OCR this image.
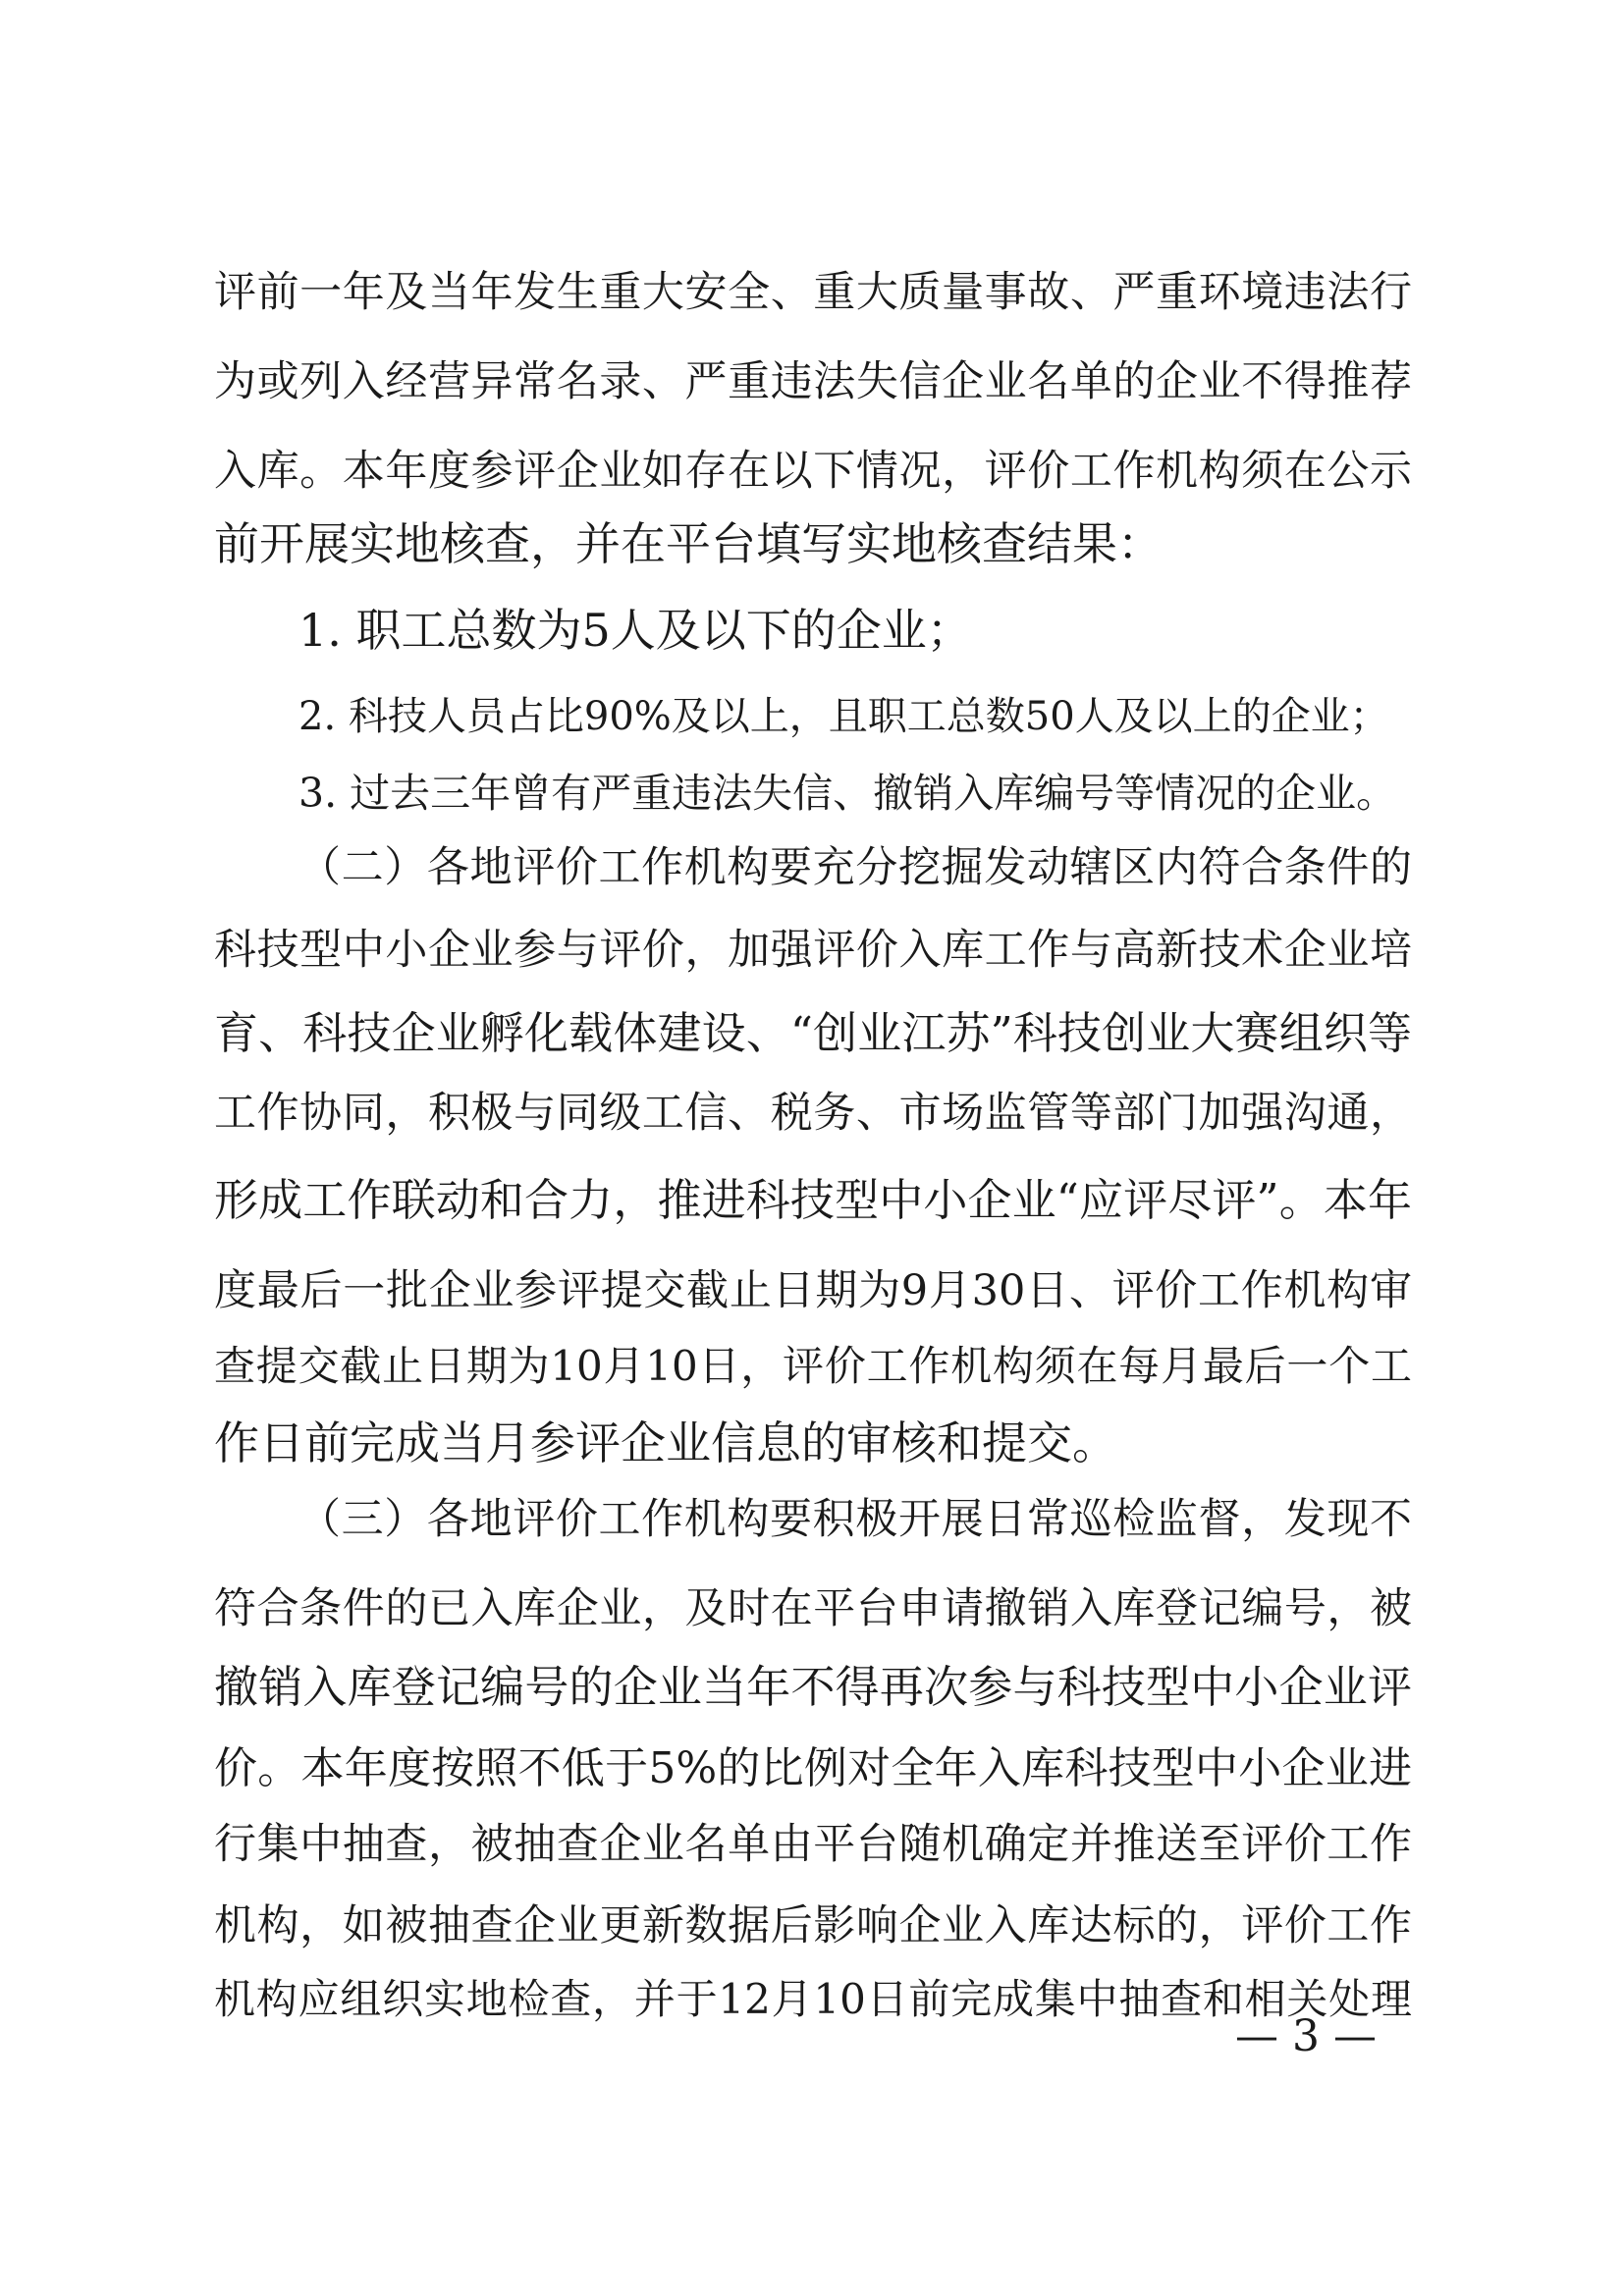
评前一年及当年发生重大安全、重大质量事故、严重环境违法行
为或列入经营异常名录、严重违法失信企业名单的企业不得推荐
入库。本年度参评企业如存在以下情况，评价工作机构须在公示
前开展实地核查，并在平台填写实地核查结果：
1. 职工总数为5人及以下的企业；
2. 科技人员占比90%及以上，且职工总数50人及以上的企业；
3. 过去三年曾有严重违法失信、撤销入库编号等情况的企业。
（二）各地评价工作机构要充分挖掘发动辖区内符合条件的
科技型中小企业参与评价，加强评价入库工作与高新技术企业培
育、科技企业孵化载体建设、“创业江苏”科技创业大赛组织等
工作协同，积极与同级工信、税务、市场监管等部门加强沟通，
形成工作联动和合力，推进科技型中小企业“应评尽评”。本年
度最后一批企业参评提交截止日期为9月30日、评价工作机构审
查提交截止日期为10月10日，评价工作机构须在每月最后一个工
作日前完成当月参评企业信息的审核和提交。
（三）各地评价工作机构要积极开展日常巡检监督，发现不
符合条件的已入库企业，及时在平台申请撤销入库登记编号，被
撤销入库登记编号的企业当年不得再次参与科技型中小企业评
价。本年度按照不低于5%的比例对全年入库科技型中小企业进
行集中抽查，被抽查企业名单由平台随机确定并推送至评价工作
机构，如被抽查企业更新数据后影响企业入库达标的，评价工作
机构应组织实地检查，并于12月10日前完成集中抽查和相关处理
— 3 —
